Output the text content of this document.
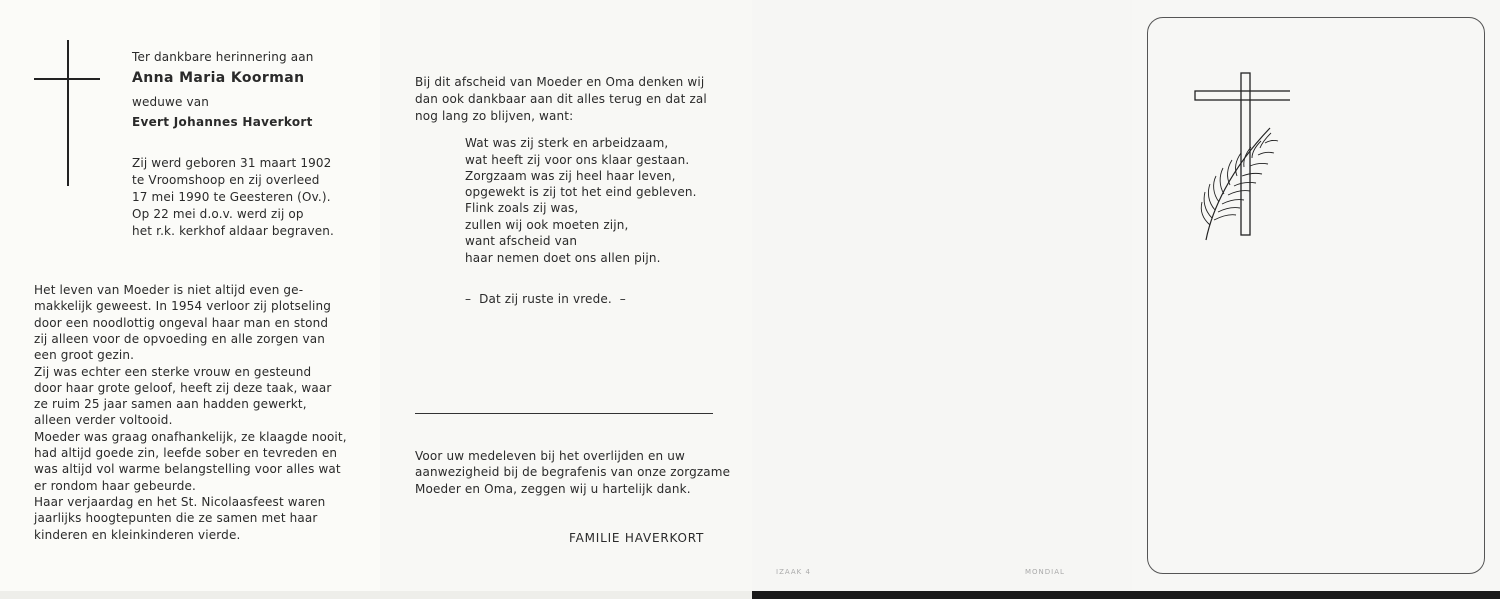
Ter dankbare herinnering aan
Anna Maria Koorman
weduwe van
Evert Johannes Haverkort
Zij werd geboren 31 maart 1902
te Vroomshoop en zij overleed
17 mei 1990 te Geesteren (Ov.).
Op 22 mei d.o.v. werd zij op
het r.k. kerkhof aldaar begraven.
Het leven van Moeder is niet altijd even ge-
makkelijk geweest. In 1954 verloor zij plotseling
door een noodlottig ongeval haar man en stond
zij alleen voor de opvoeding en alle zorgen van
een groot gezin.
Zij was echter een sterke vrouw en gesteund
door haar grote geloof, heeft zij deze taak, waar
ze ruim 25 jaar samen aan hadden gewerkt,
alleen verder voltooid.
Moeder was graag onafhankelijk, ze klaagde nooit,
had altijd goede zin, leefde sober en tevreden en
was altijd vol warme belangstelling voor alles wat
er rondom haar gebeurde.
Haar verjaardag en het St. Nicolaasfeest waren
jaarlijks hoogtepunten die ze samen met haar
kinderen en kleinkinderen vierde.
Bij dit afscheid van Moeder en Oma denken wij
dan ook dankbaar aan dit alles terug en dat zal
nog lang zo blijven, want:
Wat was zij sterk en arbeidzaam,
wat heeft zij voor ons klaar gestaan.
Zorgzaam was zij heel haar leven,
opgewekt is zij tot het eind gebleven.
Flink zoals zij was,
zullen wij ook moeten zijn,
want afscheid van
haar nemen doet ons allen pijn.
–  Dat zij ruste in vrede.  –
Voor uw medeleven bij het overlijden en uw
aanwezigheid bij de begrafenis van onze zorgzame
Moeder en Oma, zeggen wij u hartelijk dank.
FAMILIE HAVERKORT
IZAAK 4	MONDIAL
